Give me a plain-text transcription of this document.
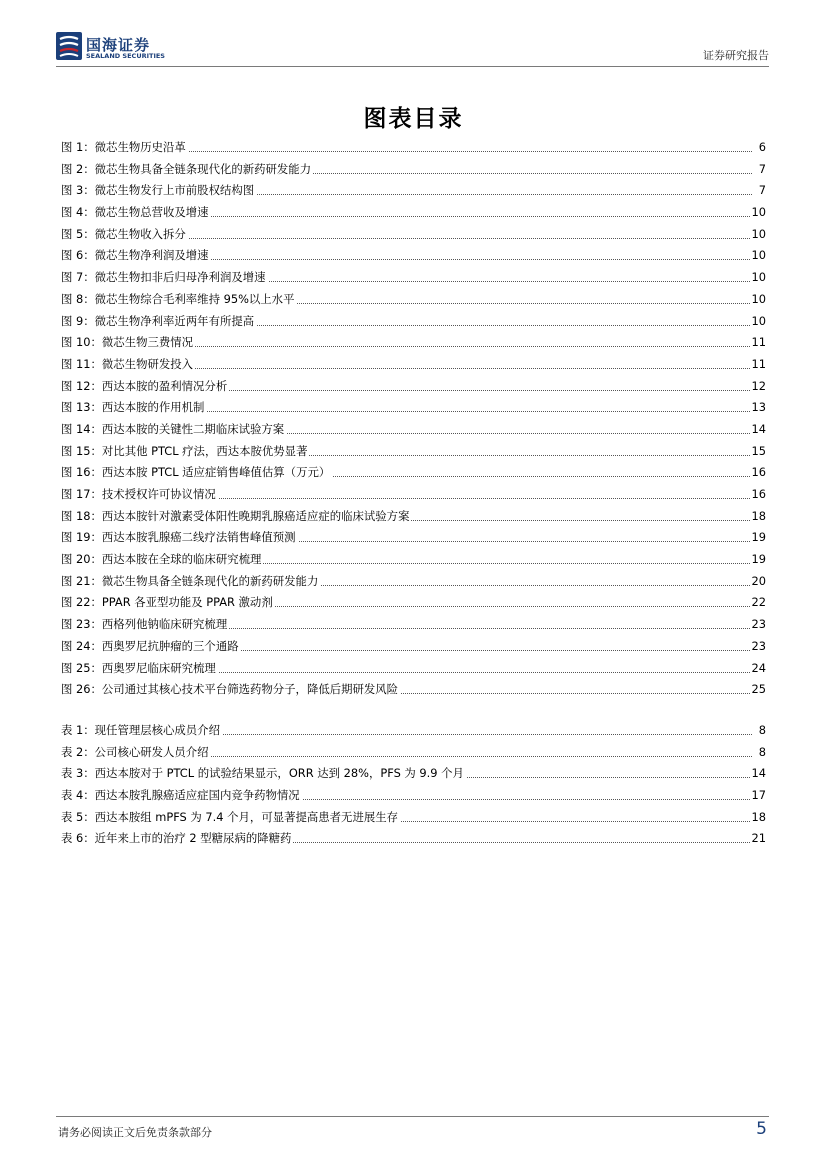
国海证券
SEALAND SECURITIES	证券研究报告
图表目录
图 1：微芯生物历史沿革	6
图 2：微芯生物具备全链条现代化的新药研发能力	7
图 3：微芯生物发行上市前股权结构图	7
图 4：微芯生物总营收及增速	10
图 5：微芯生物收入拆分	10
图 6：微芯生物净利润及增速	10
图 7：微芯生物扣非后归母净利润及增速	10
图 8：微芯生物综合毛利率维持 95%以上水平	10
图 9：微芯生物净利率近两年有所提高	10
图 10：微芯生物三费情况	11
图 11：微芯生物研发投入	11
图 12：西达本胺的盈利情况分析	12
图 13：西达本胺的作用机制	13
图 14：西达本胺的关键性二期临床试验方案	14
图 15：对比其他 PTCL 疗法，西达本胺优势显著	15
图 16：西达本胺 PTCL 适应症销售峰值估算（万元）	16
图 17：技术授权许可协议情况	16
图 18：西达本胺针对激素受体阳性晚期乳腺癌适应症的临床试验方案	18
图 19：西达本胺乳腺癌二线疗法销售峰值预测	19
图 20：西达本胺在全球的临床研究梳理	19
图 21：微芯生物具备全链条现代化的新药研发能力	20
图 22：PPAR 各亚型功能及 PPAR 激动剂	22
图 23：西格列他钠临床研究梳理	23
图 24：西奥罗尼抗肿瘤的三个通路	23
图 25：西奥罗尼临床研究梳理	24
图 26：公司通过其核心技术平台筛选药物分子，降低后期研发风险	25
表 1：现任管理层核心成员介绍	8
表 2：公司核心研发人员介绍	8
表 3：西达本胺对于 PTCL 的试验结果显示，ORR 达到 28%，PFS 为 9.9 个月	14
表 4：西达本胺乳腺癌适应症国内竞争药物情况	17
表 5：西达本胺组 mPFS 为 7.4 个月，可显著提高患者无进展生存	18
表 6：近年来上市的治疗 2 型糖尿病的降糖药	21
请务必阅读正文后免责条款部分	5
